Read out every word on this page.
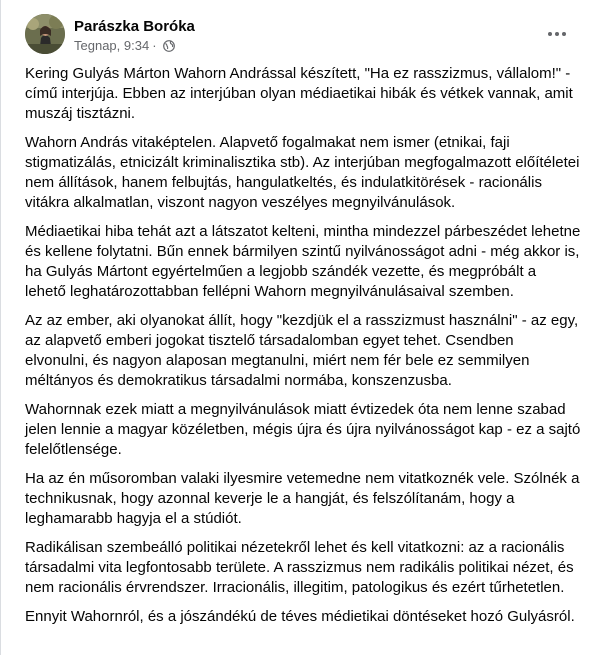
Parászka Boróka
Tegnap, 9:34 ·

Kering Gulyás Márton Wahorn Andrással készített, "Ha ez rasszizmus, vállalom!" - című interjúja. Ebben az interjúban olyan médiaetikai hibák és vétkek vannak, amit muszáj tisztázni.

Wahorn András vitaképtelen. Alapvető fogalmakat nem ismer (etnikai, faji stigmatizálás, etnicizált kriminalisztika stb). Az interjúban megfogalmazott előítéletei nem állítások, hanem felbujtás, hangulatkeltés, és indulatkitörések - racionális vitákra alkalmatlan, viszont nagyon veszélyes megnyilvánulások.

Médiaetikai hiba tehát azt a látszatot kelteni, mintha mindezzel párbeszédet lehetne és kellene folytatni. Bűn ennek bármilyen szintű nyilvánosságot adni - még akkor is, ha Gulyás Mártont egyértelműen a legjobb szándék vezette, és megpróbált a lehető leghatározottabban fellépni Wahorn megnyilvánulásaival szemben.

Az az ember, aki olyanokat állít, hogy "kezdjük el a rasszizmust használni" - az egy, az alapvető emberi jogokat tisztelő társadalomban egyet tehet. Csendben elvonulni, és nagyon alaposan megtanulni, miért nem fér bele ez semmilyen méltányos és demokratikus társadalmi normába, konszenzusba.

Wahornnak ezek miatt a megnyilvánulások miatt évtizedek óta nem lenne szabad jelen lennie a magyar közéletben, mégis újra és újra nyilvánosságot kap - ez a sajtó felelőtlensége.

Ha az én műsoromban valaki ilyesmire vetemedne nem vitatkoznék vele. Szólnék a technikusnak, hogy azonnal keverje le a hangját, és felszólítanám, hogy a leghamarabb hagyja el a stúdiót.

Radikálisan szembeálló politikai nézetekről lehet és kell vitatkozni: az a racionális társadalmi vita legfontosabb területe. A rasszizmus nem radikális politikai nézet, és nem racionális érvrendszer. Irracionális, illegitim, patologikus és ezért tűrhetetlen.

Ennyit Wahornról, és a jószándékú de téves médietikai döntéseket hozó Gulyásról.
